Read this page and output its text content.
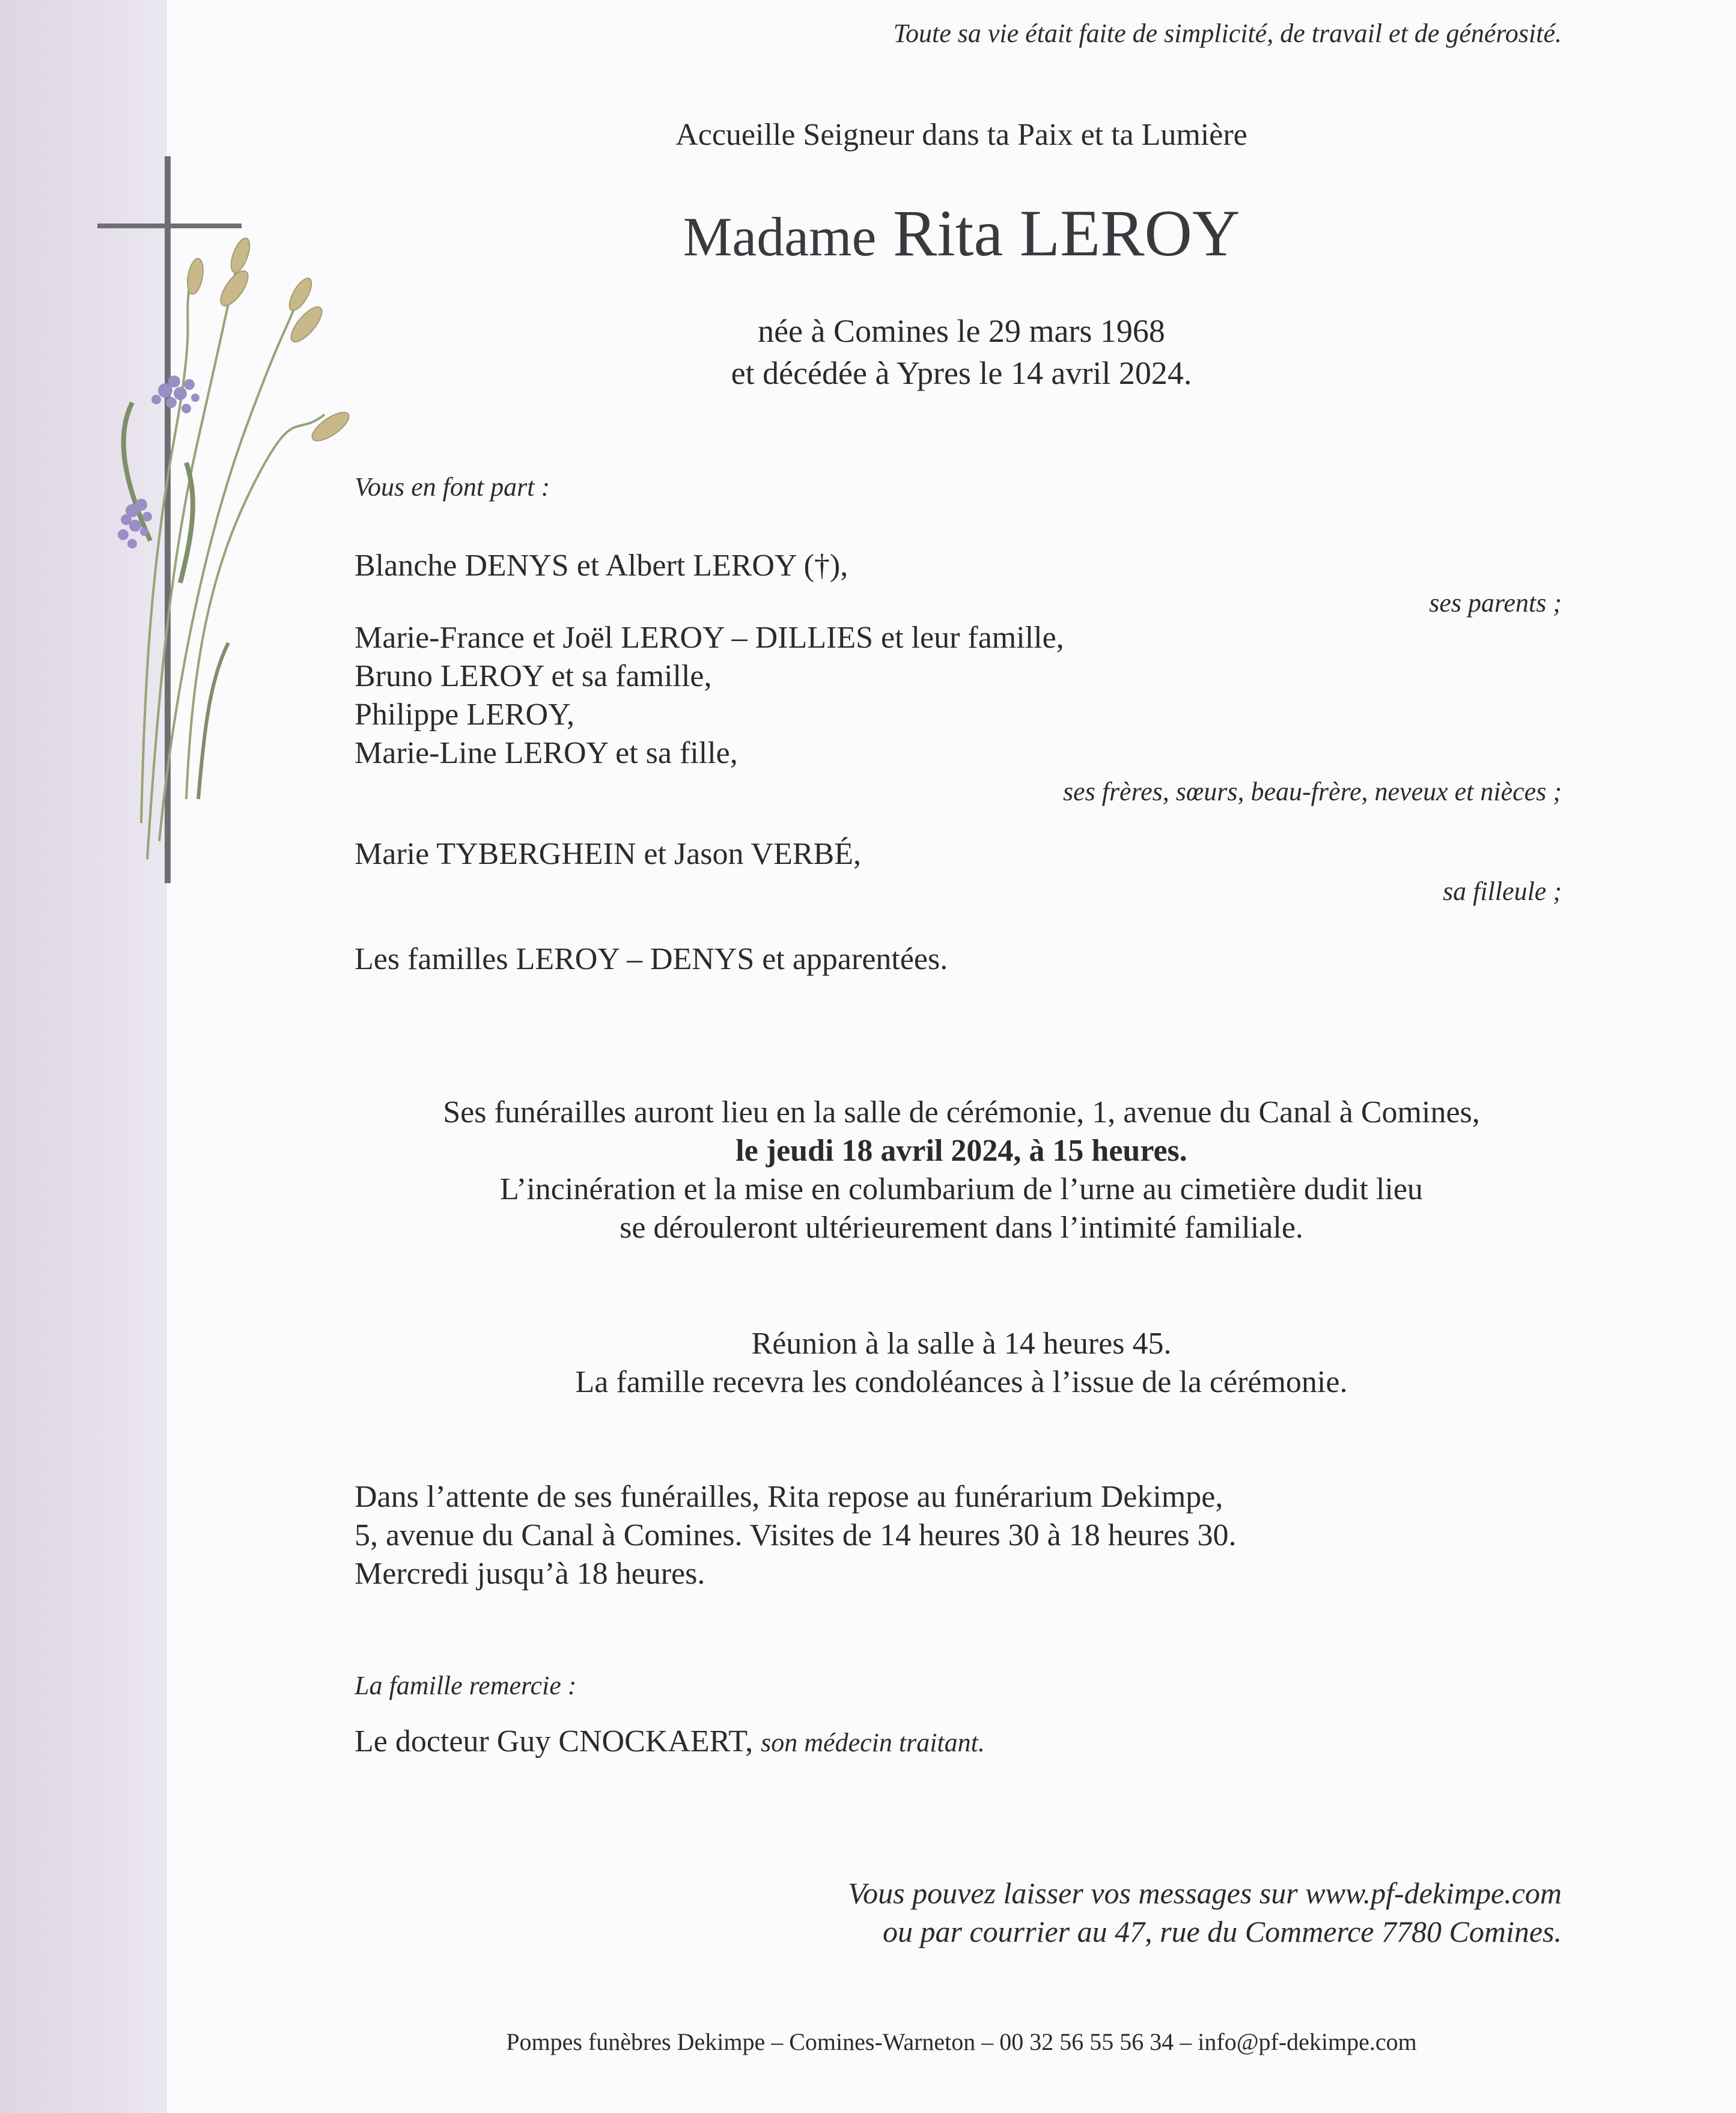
Toute sa vie était faite de simplicité, de travail et de générosité.

Accueille Seigneur dans ta Paix et ta Lumière

Madame Rita LEROY

née à Comines le 29 mars 1968

et décédée à Ypres le 14 avril 2024.

Vous en font part :

Blanche DENYS et Albert LEROY (†),

ses parents ;

Marie-France et Joël LEROY – DILLIES et leur famille,

Bruno LEROY et sa famille,

Philippe LEROY,

Marie-Line LEROY et sa fille,

ses frères, sœurs, beau-frère, neveux et nièces ;

Marie TYBERGHEIN et Jason VERBÉ,

sa filleule ;

Les familles LEROY – DENYS et apparentées.

Ses funérailles auront lieu en la salle de cérémonie, 1, avenue du Canal à Comines,

le jeudi 18 avril 2024, à 15 heures.

L’incinération et la mise en columbarium de l’urne au cimetière dudit lieu

se dérouleront ultérieurement dans l’intimité familiale.

Réunion à la salle à 14 heures 45.

La famille recevra les condoléances à l’issue de la cérémonie.

Dans l’attente de ses funérailles, Rita repose au funérarium Dekimpe,

5, avenue du Canal à Comines. Visites de 14 heures 30 à 18 heures 30.

Mercredi jusqu’à 18 heures.

La famille remercie :

Le docteur Guy CNOCKAERT, son médecin traitant.

Vous pouvez laisser vos messages sur www.pf-dekimpe.com

ou par courrier au 47, rue du Commerce 7780 Comines.

Pompes funèbres Dekimpe – Comines-Warneton – 00 32 56 55 56 34 – info@pf-dekimpe.com
